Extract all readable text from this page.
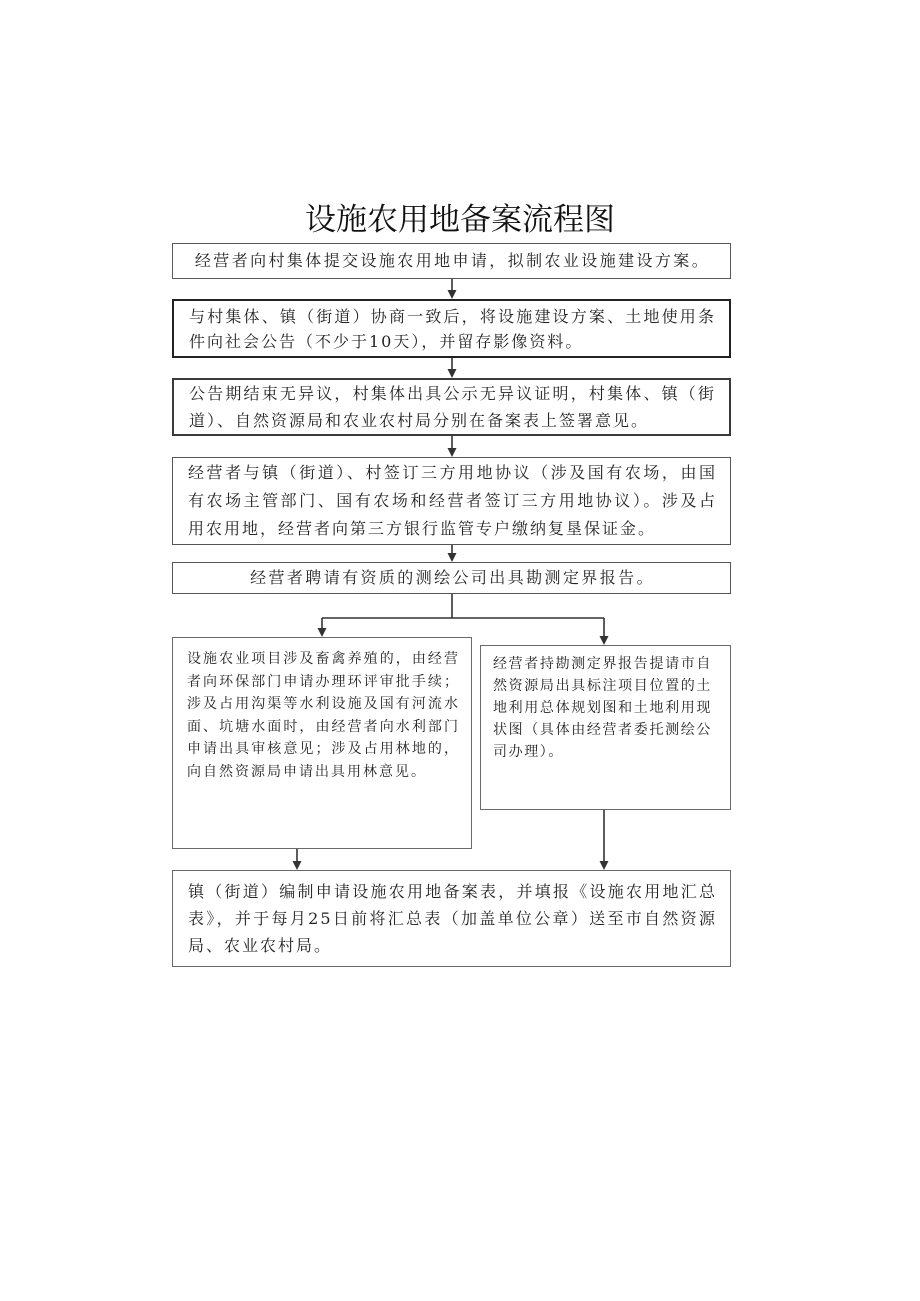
设施农用地备案流程图
经营者向村集体提交设施农用地申请，拟制农业设施建设方案。
与村集体、镇（街道）协商一致后，将设施建设方案、土地使用条
件向社会公告（不少于10天），并留存影像资料。
公告期结束无异议，村集体出具公示无异议证明，村集体、镇（街
道）、自然资源局和农业农村局分别在备案表上签署意见。
经营者与镇（街道）、村签订三方用地协议（涉及国有农场，由国
有农场主管部门、国有农场和经营者签订三方用地协议）。涉及占
用农用地，经营者向第三方银行监管专户缴纳复垦保证金。
经营者聘请有资质的测绘公司出具勘测定界报告。
设施农业项目涉及畜禽养殖的，由经营
者向环保部门申请办理环评审批手续；
涉及占用沟渠等水利设施及国有河流水
面、坑塘水面时，由经营者向水利部门
申请出具审核意见；涉及占用林地的，
向自然资源局申请出具用林意见。
经营者持勘测定界报告提请市自
然资源局出具标注项目位置的土
地利用总体规划图和土地利用现
状图（具体由经营者委托测绘公
司办理）。
镇（街道）编制申请设施农用地备案表，并填报《设施农用地汇总
表》，并于每月25日前将汇总表（加盖单位公章）送至市自然资源
局、农业农村局。
